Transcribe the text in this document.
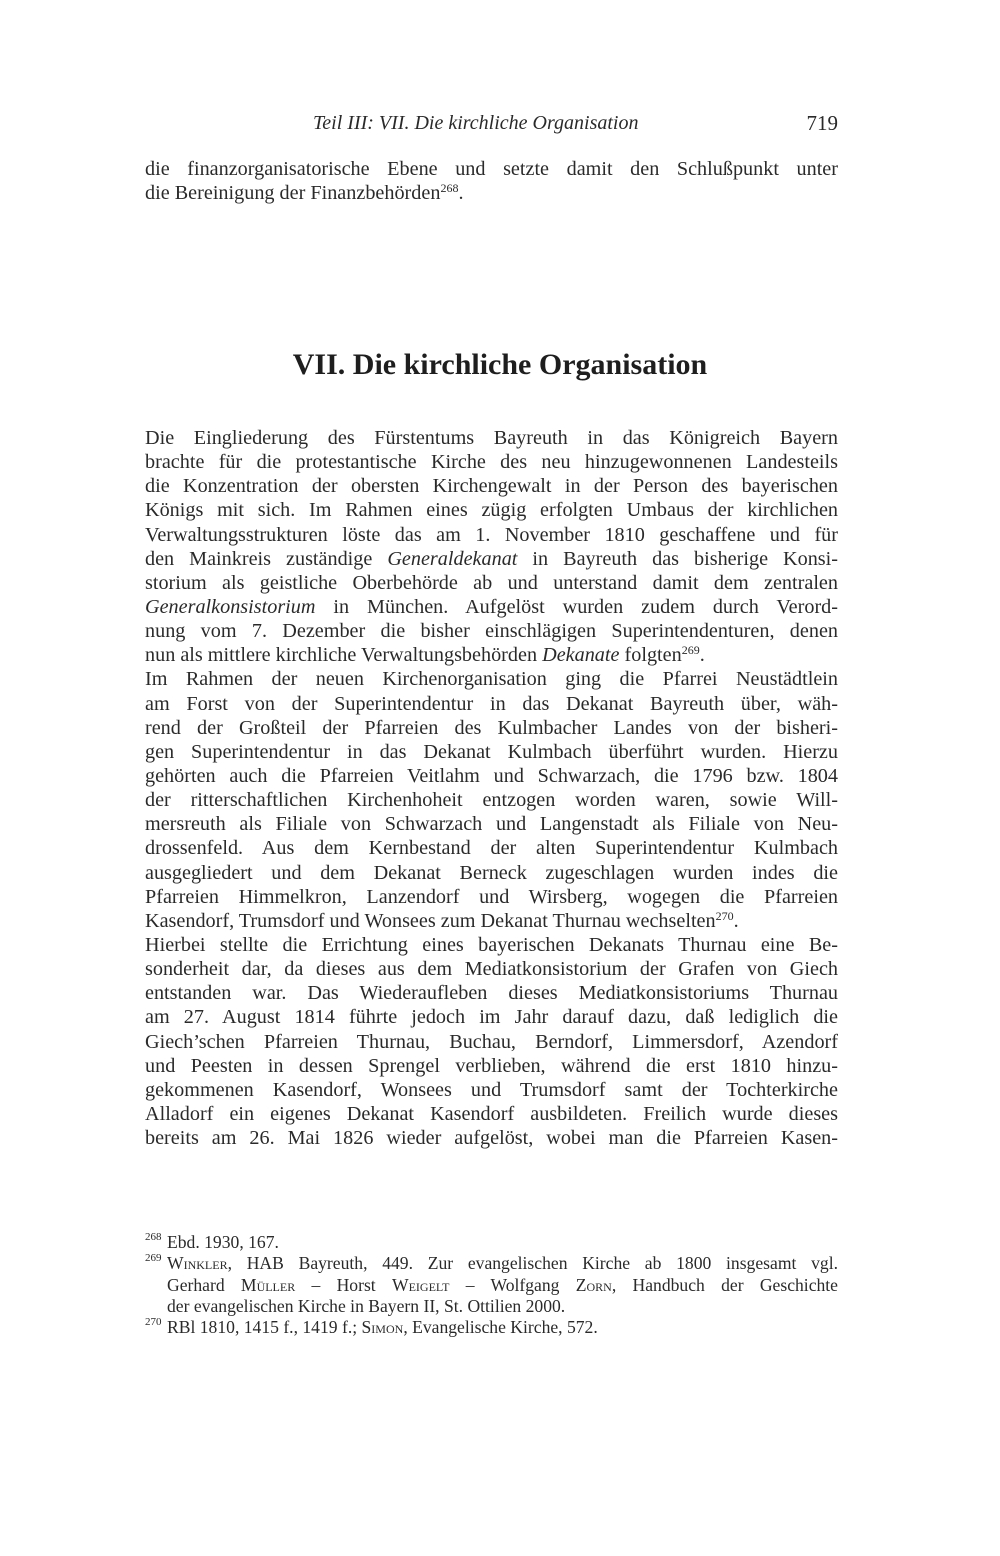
Teil III: VII. Die kirchliche Organisation	719
die finanzorganisatorische Ebene und setzte damit den Schlußpunkt unter
die Bereinigung der Finanzbehörden$^{268}$.
VII. Die kirchliche Organisation
Die Eingliederung des Fürstentums Bayreuth in das Königreich Bayern
brachte für die protestantische Kirche des neu hinzugewonnenen Landesteils
die Konzentration der obersten Kirchengewalt in der Person des bayerischen
Königs mit sich. Im Rahmen eines zügig erfolgten Umbaus der kirchlichen
Verwaltungsstrukturen löste das am 1. November 1810 geschaffene und für
den Mainkreis zuständige Generaldekanat in Bayreuth das bisherige Konsi-
storium als geistliche Oberbehörde ab und unterstand damit dem zentralen
Generalkonsistorium in München. Aufgelöst wurden zudem durch Verord-
nung vom 7. Dezember die bisher einschlägigen Superintendenturen, denen
nun als mittlere kirchliche Verwaltungsbehörden Dekanate folgten$^{269}$.
Im Rahmen der neuen Kirchenorganisation ging die Pfarrei Neustädtlein
am Forst von der Superintendentur in das Dekanat Bayreuth über, wäh-
rend der Großteil der Pfarreien des Kulmbacher Landes von der bisheri-
gen Superintendentur in das Dekanat Kulmbach überführt wurden. Hierzu
gehörten auch die Pfarreien Veitlahm und Schwarzach, die 1796 bzw. 1804
der ritterschaftlichen Kirchenhoheit entzogen worden waren, sowie Will-
mersreuth als Filiale von Schwarzach und Langenstadt als Filiale von Neu-
drossenfeld. Aus dem Kernbestand der alten Superintendentur Kulmbach
ausgegliedert und dem Dekanat Berneck zugeschlagen wurden indes die
Pfarreien Himmelkron, Lanzendorf und Wirsberg, wogegen die Pfarreien
Kasendorf, Trumsdorf und Wonsees zum Dekanat Thurnau wechselten$^{270}$.
Hierbei stellte die Errichtung eines bayerischen Dekanats Thurnau eine Be-
sonderheit dar, da dieses aus dem Mediatkonsistorium der Grafen von Giech
entstanden war. Das Wiederaufleben dieses Mediatkonsistoriums Thurnau
am 27. August 1814 führte jedoch im Jahr darauf dazu, daß lediglich die
Giech’schen Pfarreien Thurnau, Buchau, Berndorf, Limmersdorf, Azendorf
und Peesten in dessen Sprengel verblieben, während die erst 1810 hinzu-
gekommenen Kasendorf, Wonsees und Trumsdorf samt der Tochterkirche
Alladorf ein eigenes Dekanat Kasendorf ausbildeten. Freilich wurde dieses
bereits am 26. Mai 1826 wieder aufgelöst, wobei man die Pfarreien Kasen-
268 Ebd. 1930, 167.
269 Winkler, HAB Bayreuth, 449. Zur evangelischen Kirche ab 1800 insgesamt vgl.
Gerhard Müller – Horst Weigelt – Wolfgang Zorn, Handbuch der Geschichte
der evangelischen Kirche in Bayern II, St. Ottilien 2000.
270 RBl 1810, 1415 f., 1419 f.; Simon, Evangelische Kirche, 572.
